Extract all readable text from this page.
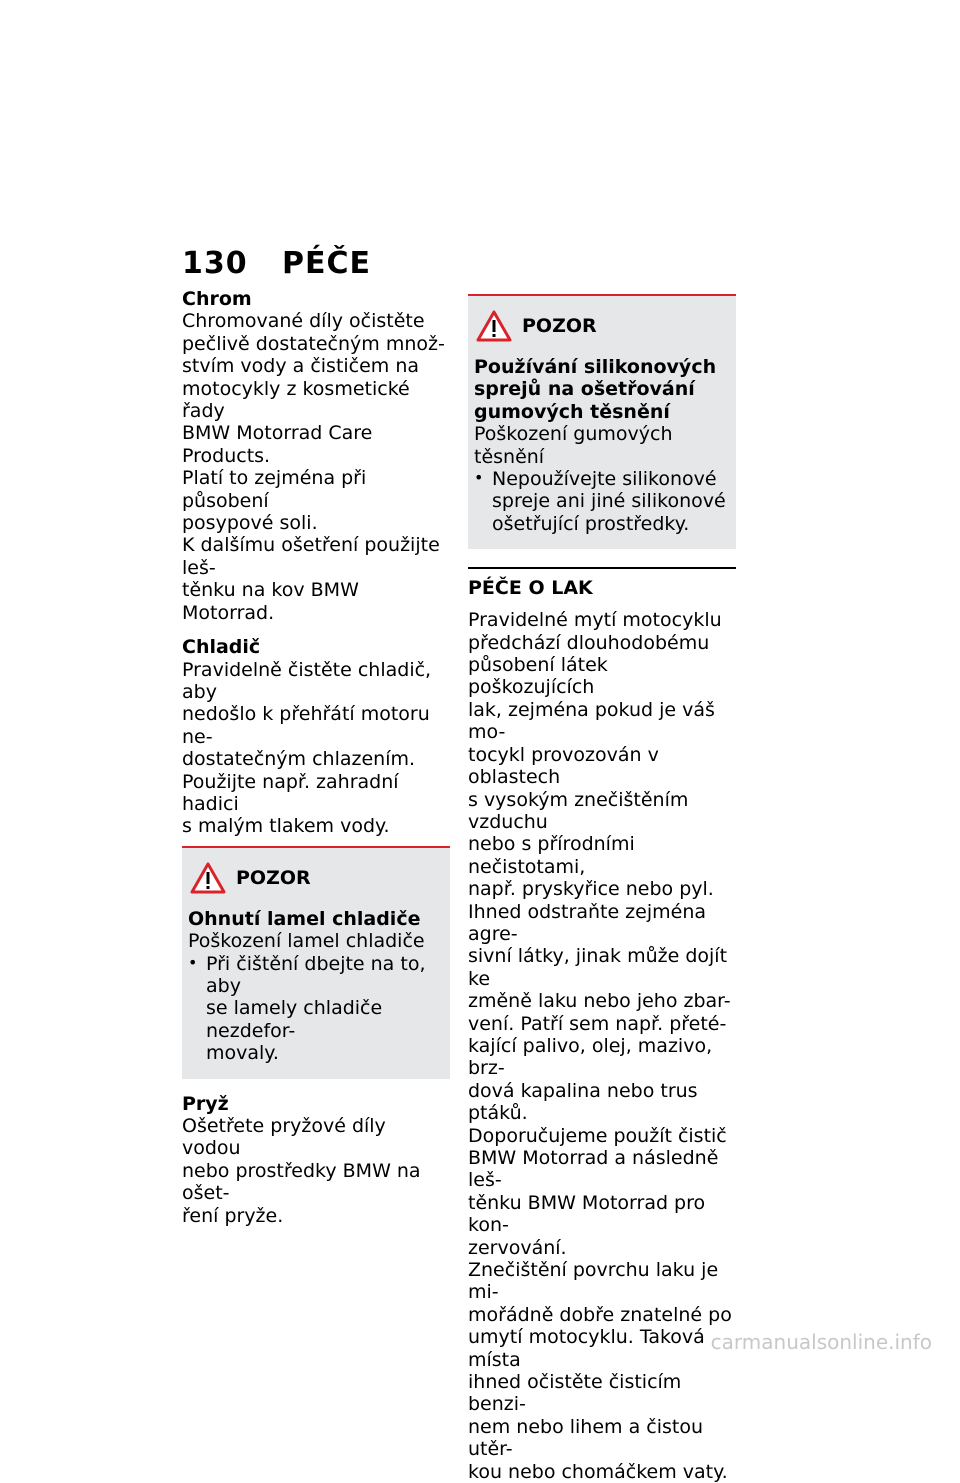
130 PÉČE

Chrom

Chromované díly očistěte

pečlivě dostatečným množ-

stvím vody a čističem na

motocykly z kosmetické řady

BMW Motorrad Care Products.

Platí to zejména při působení

posypové soli.

K dalšímu ošetření použijte leš-

těnku na kov BMW Motorrad.

Chladič

Pravidelně čistěte chladič, aby

nedošlo k přehřátí motoru ne-

dostatečným chlazením.

Použijte např. zahradní hadici

s malým tlakem vody.

POZOR

Ohnutí lamel chladiče

Poškození lamel chladiče

• Při čištění dbejte na to, aby

se lamely chladiče nezdefor-

movaly.

Pryž

Ošetřete pryžové díly vodou

nebo prostředky BMW na ošet-

ření pryže.

POZOR

Používání silikonových

sprejů na ošetřování

gumových těsnění

Poškození gumových těsnění

• Nepoužívejte silikonové

spreje ani jiné silikonové

ošetřující prostředky.

PÉČE O LAK

Pravidelné mytí motocyklu

předchází dlouhodobému

působení látek poškozujících

lak, zejména pokud je váš mo-

tocykl provozován v oblastech

s vysokým znečištěním vzduchu

nebo s přírodními nečistotami,

např. pryskyřice nebo pyl.

Ihned odstraňte zejména agre-

sivní látky, jinak může dojít ke

změně laku nebo jeho zbar-

vení. Patří sem např. přeté-

kající palivo, olej, mazivo, brz-

dová kapalina nebo trus ptáků.

Doporučujeme použít čistič

BMW Motorrad a následně leš-

těnku BMW Motorrad pro kon-

zervování.

Znečištění povrchu laku je mi-

mořádně dobře znatelné po

umytí motocyklu. Taková místa

ihned očistěte čisticím benzi-

nem nebo lihem a čistou utěr-

kou nebo chomáčkem vaty.

carmanualsonline.info
